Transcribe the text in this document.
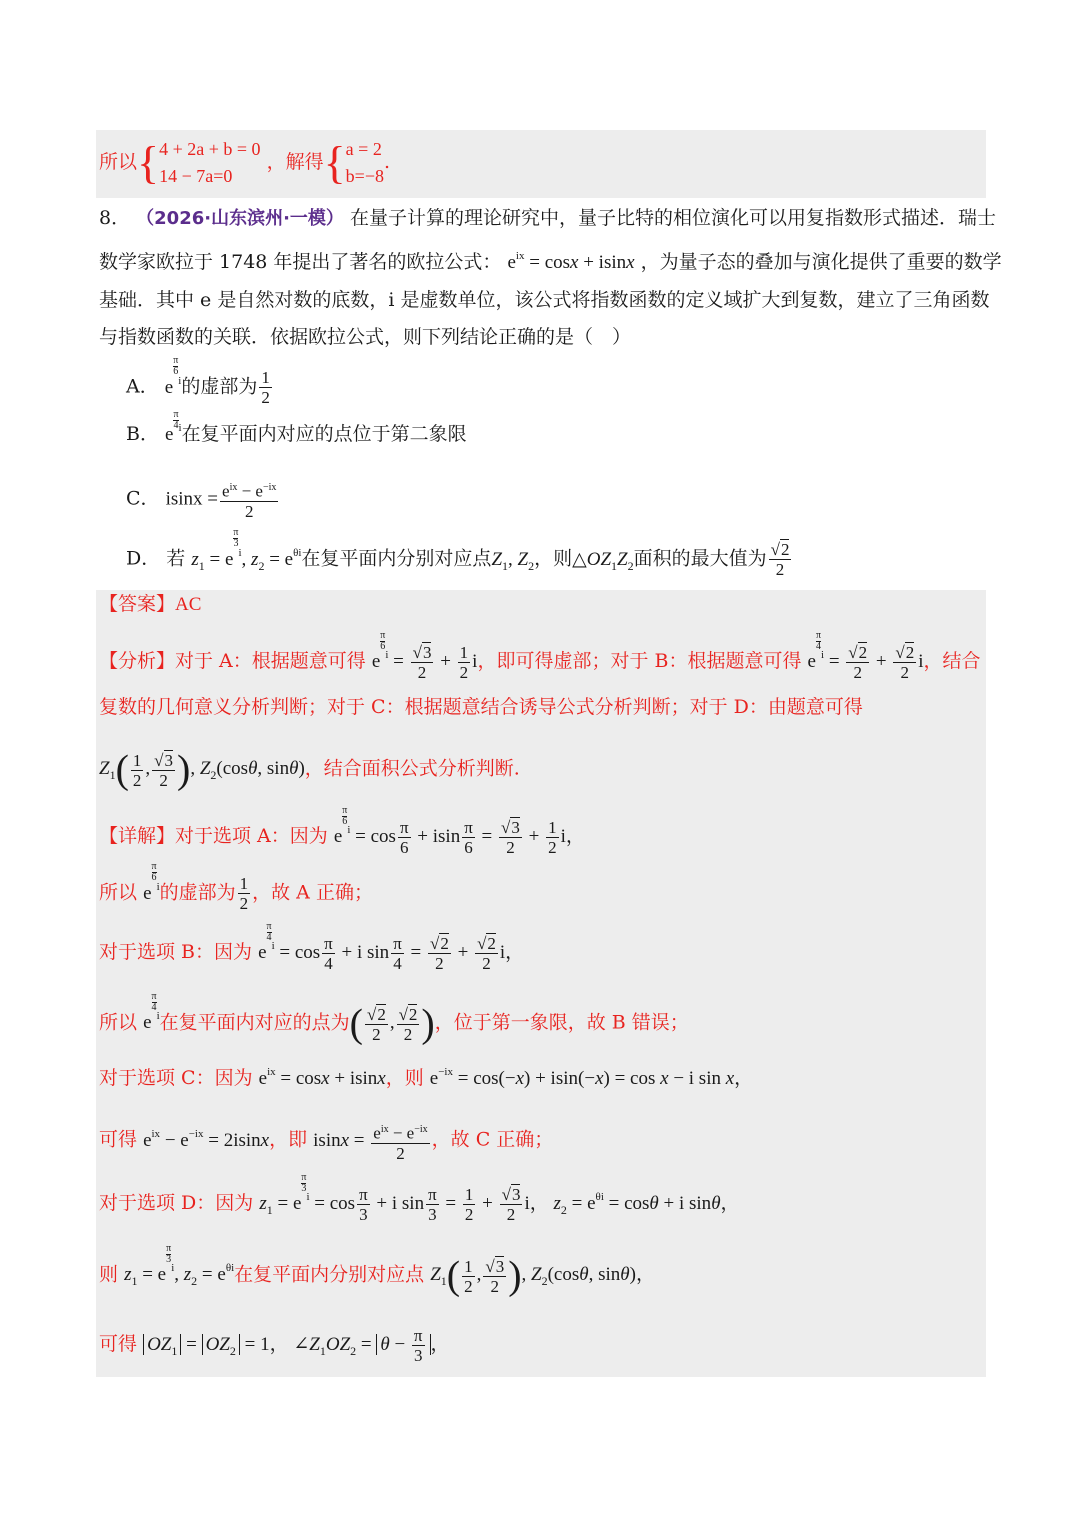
所以{ 4 + 2a + b = 0
14 − 7a=0
，解得{ a = 2
b=−8
.
8． （2026·山东滨州·一模） 在量子计算的理论研究中，量子比特的相位演化可以用复指数形式描述．瑞士
数学家欧拉于 1748 年提出了著名的欧拉公式： $e^{ix} = \cos x + isinx$ ，为量子态的叠加与演化提供了重要的数学
基础．其中 e 是自然对数的底数，i 是虚数单位，该公式将指数函数的定义域扩大到复数，建立了三角函数
与指数函数的关联．依据欧拉公式，则下列结论正确的是（　）
A． e
$\frac{\pi}{6}$
$^i$的虚部为 $\frac{1}{2}$
B． e
$\frac{\pi}{4} ^i$在复平面内对应的点位于第二象限
C． $isinx = \frac{e^{ix} - e^{-ix}}{2}$
D． 若 $z_1 = e$
$\frac{\pi}{3}$
$^i$, $z_2 = e^{\theta i}$在复平面内分别对应点$Z_1$, $Z_2$，则$\triangle OZ_1Z_2$面积的最大值为 $\frac{√2}{2}$
【答案】AC
【分析】对于 A：根据题意可得 e
$\frac{\pi}{6}$
$^i = \frac{√3}{2} + \frac{1}{2}$ i，即可得虚部；对于 B：根据题意可得 e
$\frac{\pi}{4}$
$^i = \frac{√2}{2} + \frac{√2}{2}$ i，结合
复数的几何意义分析判断；对于 C：根据题意结合诱导公式分析判断；对于 D：由题意可得
$Z_1( \frac{1}{2}$ , $\frac{√3}{2}$ ), $Z_2(\cos\theta$, sinθ)，结合面积公式分析判断.
【详解】对于选项 A：因为 e
$\frac{\pi}{6}$
$^i = \cos \frac{\pi}{6} + isin \frac{\pi}{6} = \frac{√3}{2} + \frac{1}{2}$ i，
所以 e
$\frac{\pi}{6}$
$^i$的虚部为 $\frac{1}{2}$ ，故 A 正确；
对于选项 B：因为 e
$\frac{\pi}{4}$
$^i = \cos \frac{\pi}{4} + i$ $\sin \frac{\pi}{4} = \frac{√2}{2} + \frac{√2}{2}$ i，
所以 e
$\frac{\pi}{4}$
$^i$在复平面内对应的点为( $\frac{√2}{2}$ , $\frac{√2}{2}$ )，位于第一象限，故 B 错误；
对于选项 C：因为 $e^{ix} = \cos x + isinx$，则 $e^{-ix} = \cos(-x) + isin(-x) = \cos x - i$ sin x，
可得 $e^{ix} - e^{-ix} = 2isinx$，即 $isinx = \frac{e^{ix} - e^{-ix}}{2}$ ，故 C 正确；
对于选项 D：因为 $z_1 = e$
$\frac{\pi}{3}$
$^i = \cos \frac{\pi}{3} + i$ $\sin \frac{\pi}{3} = \frac{1}{2} + \frac{√3}{2}$ i， $z_2 = e^{\theta i} = \cos\theta + i$ sinθ，
则 $z_1 = e$
$\frac{\pi}{3}$
$^i$, $z_2 = e^{\theta i}$在复平面内分别对应点 $Z_1( \frac{1}{2}$ , $\frac{√3}{2}$ ), $Z_2(\cos\theta$, sinθ)，
可得 $OZ_1 = OZ_2 = 1$， $\angle Z_1OZ_2 = \theta - \frac{\pi}{3}$ ，
